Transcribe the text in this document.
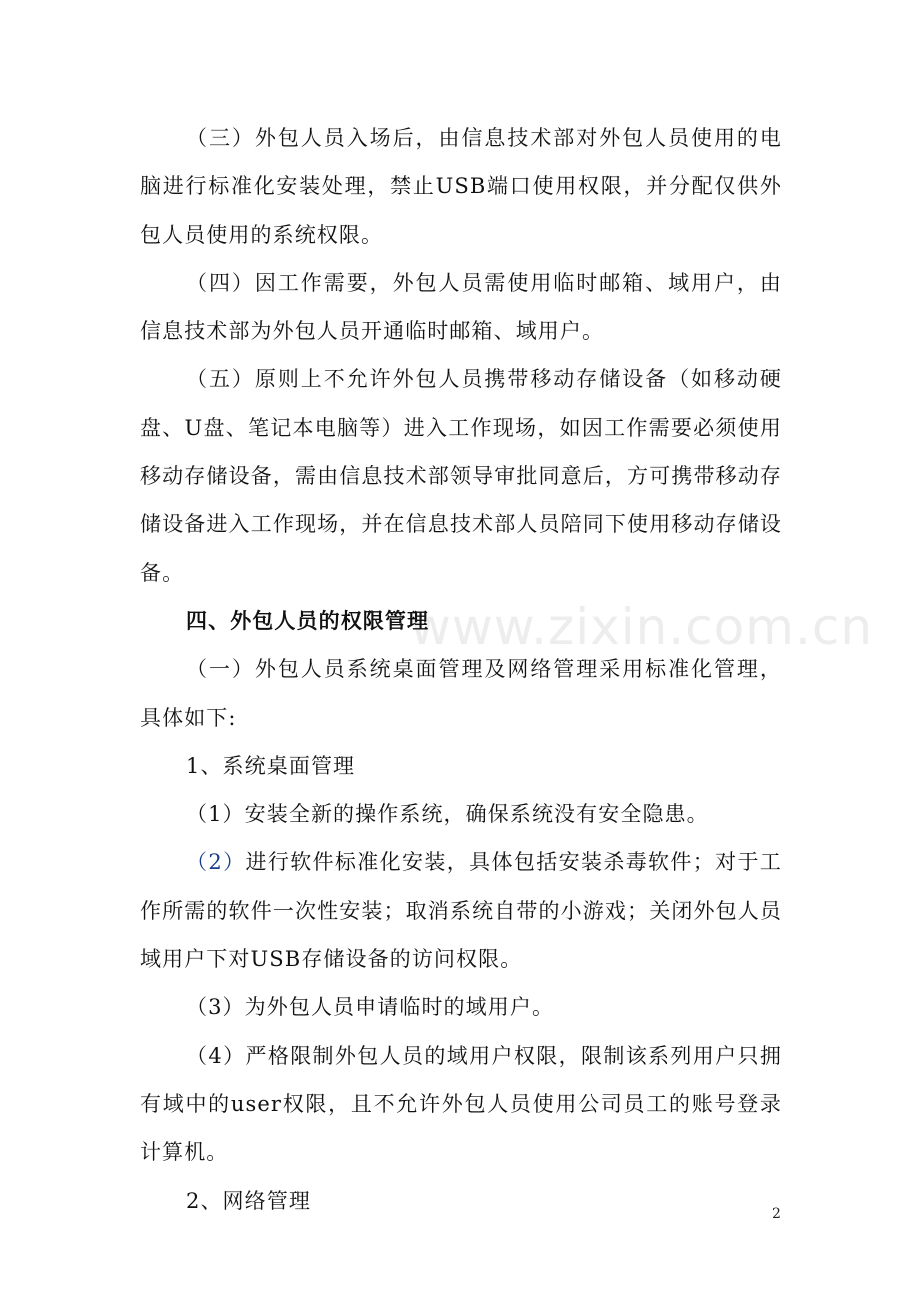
www.zixin.com.cn

（三）外包人员入场后，由信息技术部对外包人员使用的电脑进行标准化安装处理，禁止USB端口使用权限，并分配仅供外包人员使用的系统权限。

（四）因工作需要，外包人员需使用临时邮箱、域用户，由信息技术部为外包人员开通临时邮箱、域用户。

（五）原则上不允许外包人员携带移动存储设备（如移动硬盘、U盘、笔记本电脑等）进入工作现场，如因工作需要必须使用移动存储设备，需由信息技术部领导审批同意后，方可携带移动存储设备进入工作现场，并在信息技术部人员陪同下使用移动存储设备。

四、外包人员的权限管理

（一）外包人员系统桌面管理及网络管理采用标准化管理，具体如下:

1、系统桌面管理

（1）安装全新的操作系统，确保系统没有安全隐患。

（2）进行软件标准化安装，具体包括安装杀毒软件；对于工作所需的软件一次性安装；取消系统自带的小游戏；关闭外包人员域用户下对USB存储设备的访问权限。

（3）为外包人员申请临时的域用户。

（4）严格限制外包人员的域用户权限，限制该系列用户只拥有域中的user权限，且不允许外包人员使用公司员工的账号登录计算机。

2、网络管理

2
